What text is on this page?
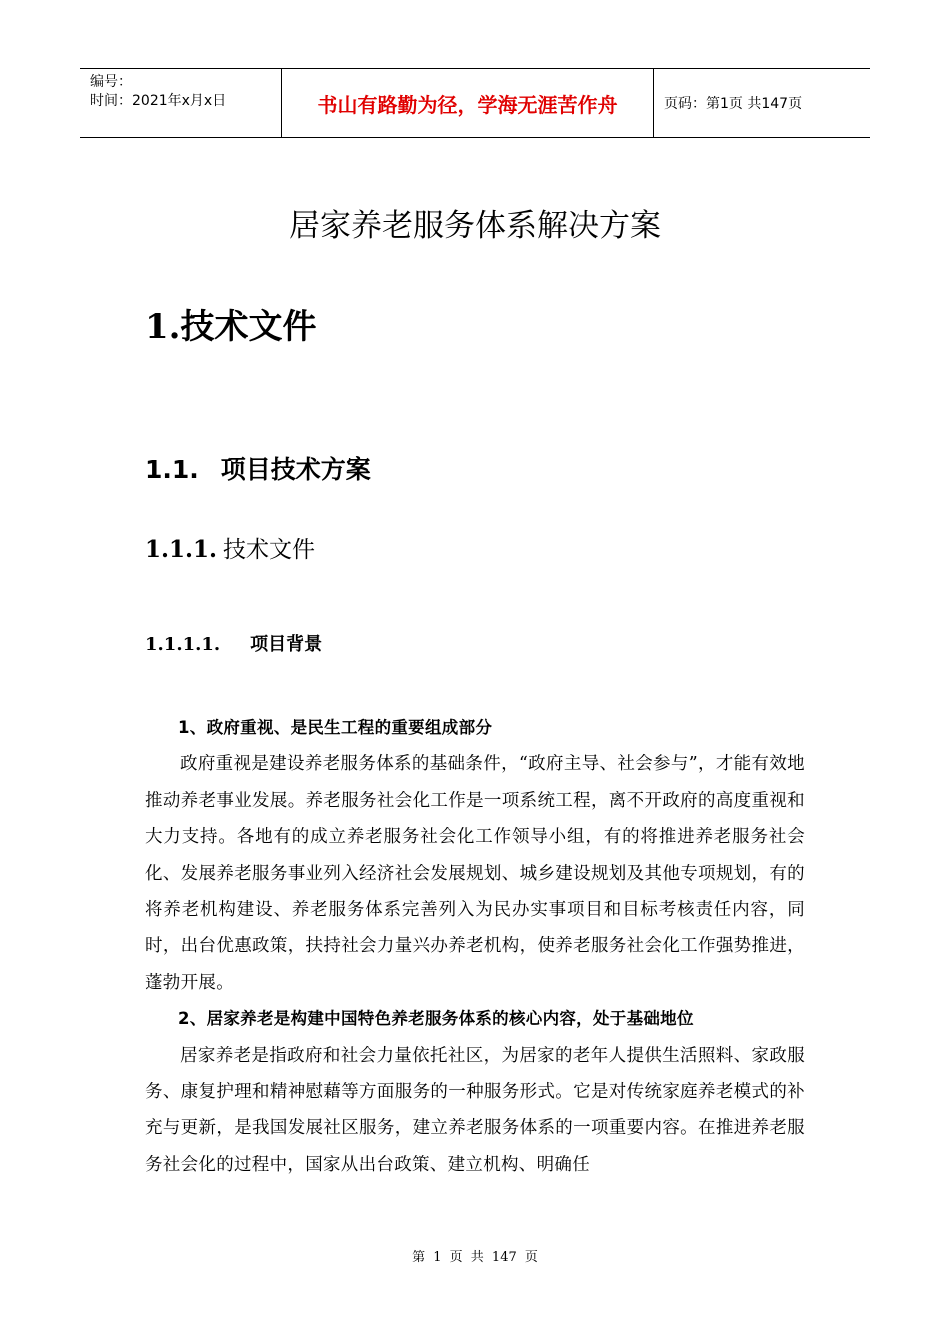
编号：
时间：2021年x月x日	书山有路勤为径，学海无涯苦作舟	页码：第1页 共147页
居家养老服务体系解决方案
1.技术文件
1.1. 项目技术方案
1.1.1. 技术文件
1.1.1.1. 项目背景

1、政府重视、是民生工程的重要组成部分

政府重视是建设养老服务体系的基础条件，“政府主导、社会参与”，才能有效地推动养老事业发展。养老服务社会化工作是一项系统工程，离不开政府的高度重视和大力支持。各地有的成立养老服务社会化工作领导小组，有的将推进养老服务社会化、发展养老服务事业列入经济社会发展规划、城乡建设规划及其他专项规划，有的将养老机构建设、养老服务体系完善列入为民办实事项目和目标考核责任内容，同时，出台优惠政策，扶持社会力量兴办养老机构，使养老服务社会化工作强势推进，蓬勃开展。

2、居家养老是构建中国特色养老服务体系的核心内容，处于基础地位

居家养老是指政府和社会力量依托社区，为居家的老年人提供生活照料、家政服务、康复护理和精神慰藉等方面服务的一种服务形式。它是对传统家庭养老模式的补充与更新，是我国发展社区服务，建立养老服务体系的一项重要内容。在推进养老服务社会化的过程中，国家从出台政策、建立机构、明确任

第 1 页 共 147 页
